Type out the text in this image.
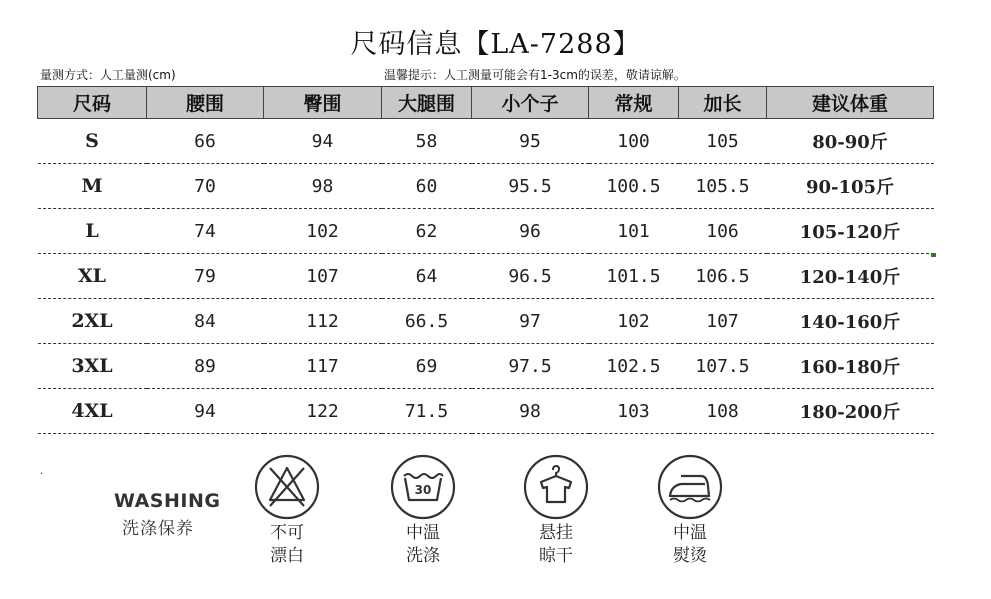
尺码信息【LA-7288】
量测方式：人工量测(cm)	温馨提示：人工测量可能会有1-3cm的误差，敬请谅解。
尺码	腰围	臀围	大腿围	小个子	常规	加长	建议体重
S	66	94	58	95	100	105	80-90斤
M	70	98	60	95.5	100.5	105.5	90-105斤
L	74	102	62	96	101	106	105-120斤
XL	79	107	64	96.5	101.5	106.5	120-140斤
2XL	84	112	66.5	97	102	107	140-160斤
3XL	89	117	69	97.5	102.5	107.5	160-180斤
4XL	94	122	71.5	98	103	108	180-200斤
.
WASHING
洗涤保养	不可
漂白
30
中温
洗涤
悬挂
晾干
中温
熨烫
